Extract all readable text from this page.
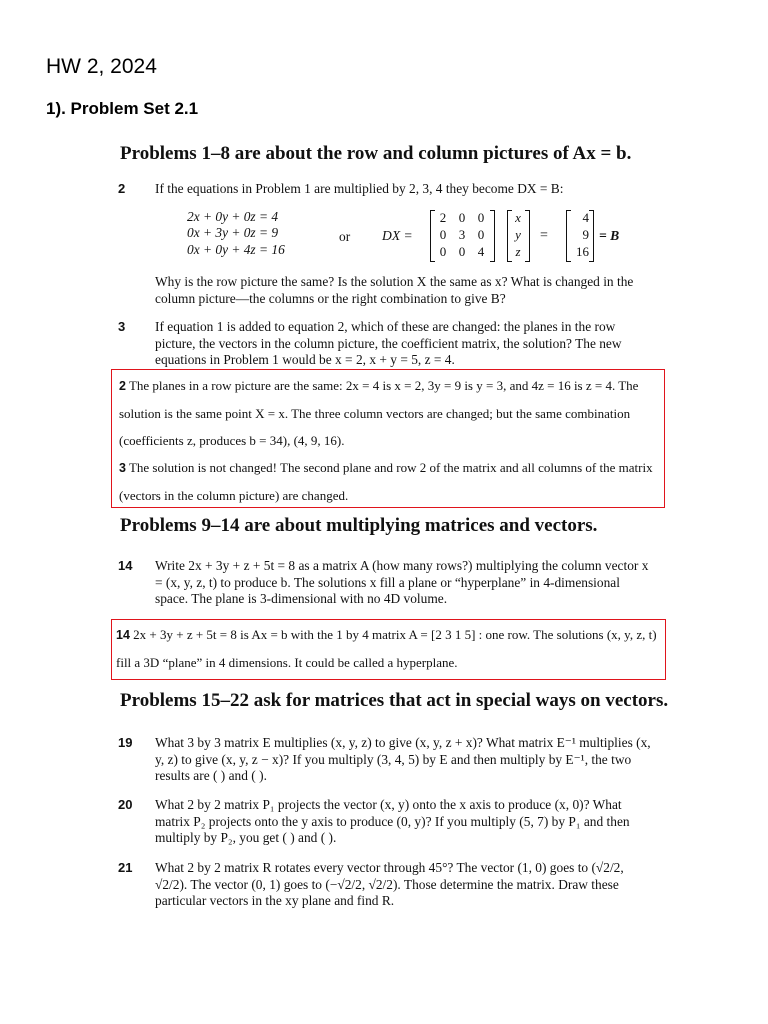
HW 2, 2024
1). Problem Set 2.1
Problems 1–8 are about the row and column pictures of Ax = b.
2 If the equations in Problem 1 are multiplied by 2, 3, 4 they become DX = B:
2x + 0y + 0z = 4
0x + 3y + 0z = 9
0x + 0y + 4z = 16
or DX =
2 0 0
0 3 0
0 0 4
x
y
z
=
4
9
16
= B
Why is the row picture the same? Is the solution X the same as x? What is changed in the column picture—the columns or the right combination to give B?
3 If equation 1 is added to equation 2, which of these are changed: the planes in the row picture, the vectors in the column picture, the coefficient matrix, the solution? The new equations in Problem 1 would be x = 2, x + y = 5, z = 4.
2 The planes in a row picture are the same: 2x = 4 is x = 2, 3y = 9 is y = 3, and 4z = 16 is z = 4. The solution is the same point X = x. The three column vectors are changed; but the same combination (coefficients z, produces b = 34), (4, 9, 16).
3 The solution is not changed! The second plane and row 2 of the matrix and all columns of the matrix (vectors in the column picture) are changed.
Problems 9–14 are about multiplying matrices and vectors.
14 Write 2x + 3y + z + 5t = 8 as a matrix A (how many rows?) multiplying the column vector x = (x, y, z, t) to produce b. The solutions x fill a plane or “hyperplane” in 4-dimensional space. The plane is 3-dimensional with no 4D volume.
14 2x + 3y + z + 5t = 8 is Ax = b with the 1 by 4 matrix A = [2 3 1 5] : one row. The solutions (x, y, z, t) fill a 3D “plane” in 4 dimensions. It could be called a hyperplane.
Problems 15–22 ask for matrices that act in special ways on vectors.
19 What 3 by 3 matrix E multiplies (x, y, z) to give (x, y, z + x)? What matrix E⁻¹ multiplies (x, y, z) to give (x, y, z − x)? If you multiply (3, 4, 5) by E and then multiply by E⁻¹, the two results are ( ) and ( ).
20 What 2 by 2 matrix P₁ projects the vector (x, y) onto the x axis to produce (x, 0)? What matrix P₂ projects onto the y axis to produce (0, y)? If you multiply (5, 7) by P₁ and then multiply by P₂, you get ( ) and ( ).
21 What 2 by 2 matrix R rotates every vector through 45°? The vector (1, 0) goes to (√2/2, √2/2). The vector (0, 1) goes to (−√2/2, √2/2). Those determine the matrix. Draw these particular vectors in the xy plane and find R.
